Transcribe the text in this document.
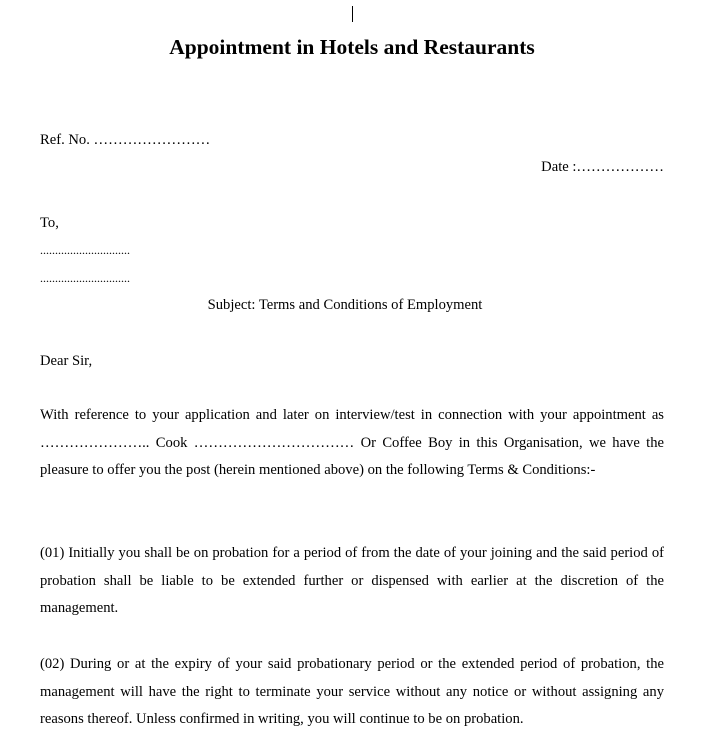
Appointment in Hotels and Restaurants
Ref. No. ……………………
Date :………………
To,
..............................
..............................
Subject: Terms and Conditions of Employment
Dear Sir,

With reference to your application and later on interview/test in connection with your appointment as ………………….. Cook …………………………… Or Coffee Boy in this Organisation, we have the pleasure to offer you the post (herein mentioned above) on the following Terms & Conditions:-

(01) Initially you shall be on probation for a period of from the date of your joining and the said period of probation shall be liable to be extended further or dispensed with earlier at the discretion of the management.

(02) During or at the expiry of your said probationary period or the extended period of probation, the management will have the right to terminate your service without any notice or without assigning any reasons thereof. Unless confirmed in writing, you will continue to be on probation.
